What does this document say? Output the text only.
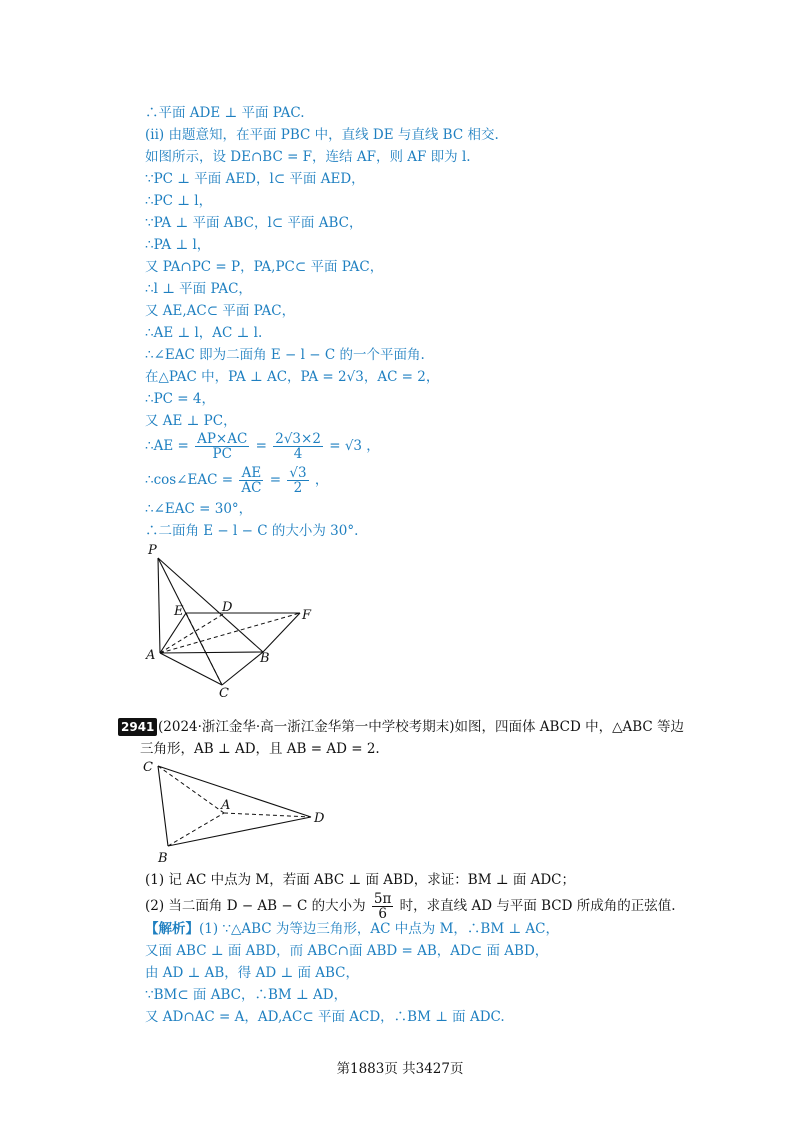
∴平面 ADE ⊥ 平面 PAC.
(ii) 由题意知，在平面 PBC 中，直线 DE 与直线 BC 相交.
如图所示，设 DE∩BC = F，连结 AF，则 AF 即为 l.
∵PC ⊥ 平面 AED，l⊂ 平面 AED，
∴PC ⊥ l，
∵PA ⊥ 平面 ABC，l⊂ 平面 ABC，
∴PA ⊥ l，
又 PA∩PC = P，PA,PC⊂ 平面 PAC，
∴l ⊥ 平面 PAC，
又 AE,AC⊂ 平面 PAC，
∴AE ⊥ l，AC ⊥ l.
∴∠EAC 即为二面角 E − l − C 的一个平面角.
在△PAC 中，PA ⊥ AC，PA = 2√3，AC = 2，
∴PC = 4，
又 AE ⊥ PC，
∴AE = $\frac{AP\times AC}{PC} = \frac{2√3\times 2}{4} = √3$ ，
∴cos∠EAC = $\frac{AE}{AC} = \frac{√3}{2}$ ，
∴∠EAC = 30°，
∴二面角 E − l − C 的大小为 30°.
P
E	D
F
A	B
C
2941 (2024·浙江金华·高一浙江金华第一中学校考期末)如图，四面体 ABCD 中，△ABC 等边
三角形，AB ⊥ AD，且 AB = AD = 2.
C
A
D
B
(1) 记 AC 中点为 M，若面 ABC ⊥ 面 ABD，求证：BM ⊥ 面 ADC；
(2) 当二面角 D − AB − C 的大小为 $\frac{5\pi}{6}$ 时，求直线 AD 与平面 BCD 所成角的正弦值.
【解析】(1) ∵△ABC 为等边三角形，AC 中点为 M，∴BM ⊥ AC，
又面 ABC ⊥ 面 ABD，而 ABC∩面 ABD = AB，AD⊂ 面 ABD，
由 AD ⊥ AB，得 AD ⊥ 面 ABC，
∵BM⊂ 面 ABC，∴BM ⊥ AD，
又 AD∩AC = A，AD,AC⊂ 平面 ACD，∴BM ⊥ 面 ADC.
第1883页 共3427页
